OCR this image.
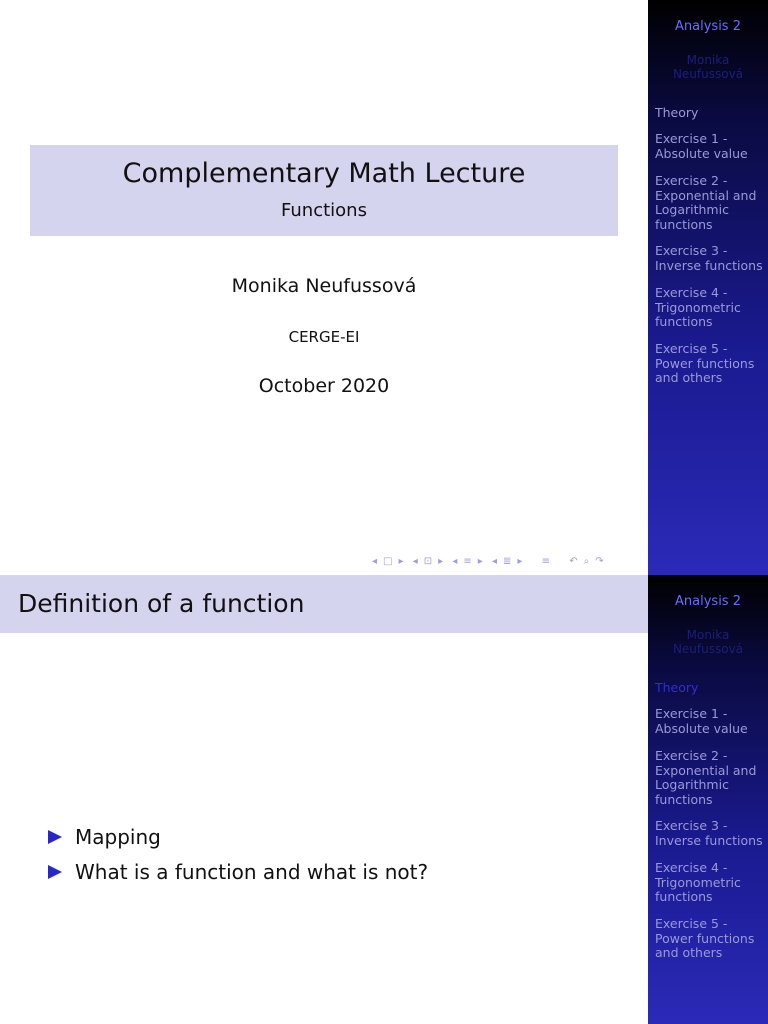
Complementary Math Lecture
Functions
Monika Neufussová
CERGE-EI
October 2020
◂ □ ▸ ◂ ⊡ ▸ ◂ ≡ ▸ ◂ ≣ ▸ ≡ ↶ ⌕ ↷
Analysis 2
Monika
Neufussová
Theory
Exercise 1 -
Absolute value
Exercise 2 -
Exponential and
Logarithmic
functions
Exercise 3 -
Inverse functions
Exercise 4 -
Trigonometric
functions
Exercise 5 -
Power functions
and others
Definition of a function
Mapping
What is a function and what is not?
Analysis 2
Monika
Neufussová
Theory
Exercise 1 -
Absolute value
Exercise 2 -
Exponential and
Logarithmic
functions
Exercise 3 -
Inverse functions
Exercise 4 -
Trigonometric
functions
Exercise 5 -
Power functions
and others
